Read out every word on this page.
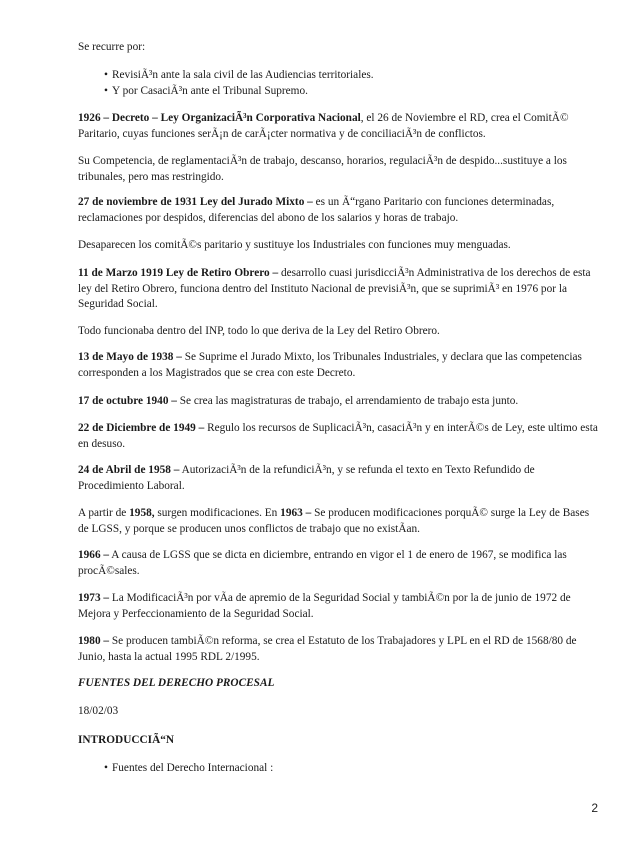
Se recurre por:

• RevisiÃ³n ante la sala civil de las Audiencias territoriales.
• Y por CasaciÃ³n ante el Tribunal Supremo.

1926 – Decreto – Ley OrganizaciÃ³n Corporativa Nacional, el 26 de Noviembre el RD, crea el ComitÃ© Paritario, cuyas funciones serÃ¡n de carÃ¡cter normativa y de conciliaciÃ³n de conflictos.

Su Competencia, de reglamentaciÃ³n de trabajo, descanso, horarios, regulaciÃ³n de despido...sustituye a los tribunales, pero mas restringido.

27 de noviembre de 1931 Ley del Jurado Mixto – es un Ã“rgano Paritario con funciones determinadas, reclamaciones por despidos, diferencias del abono de los salarios y horas de trabajo.

Desaparecen los comitÃ©s paritario y sustituye los Industriales con funciones muy menguadas.

11 de Marzo 1919 Ley de Retiro Obrero – desarrollo cuasi jurisdicciÃ³n Administrativa de los derechos de esta ley del Retiro Obrero, funciona dentro del Instituto Nacional de previsiÃ³n, que se suprimiÃ³ en 1976 por la Seguridad Social.

Todo funcionaba dentro del INP, todo lo que deriva de la Ley del Retiro Obrero.

13 de Mayo de 1938 – Se Suprime el Jurado Mixto, los Tribunales Industriales, y declara que las competencias corresponden a los Magistrados que se crea con este Decreto.

17 de octubre 1940 – Se crea las magistraturas de trabajo, el arrendamiento de trabajo esta junto.

22 de Diciembre de 1949 – Regulo los recursos de SuplicaciÃ³n, casaciÃ³n y en interÃ©s de Ley, este ultimo esta en desuso.

24 de Abril de 1958 – AutorizaciÃ³n de la refundiciÃ³n, y se refunda el texto en Texto Refundido de Procedimiento Laboral.

A partir de 1958, surgen modificaciones. En 1963 – Se producen modificaciones porquÃ© surge la Ley de Bases de LGSS, y porque se producen unos conflictos de trabajo que no existÃan.

1966 – A causa de LGSS que se dicta en diciembre, entrando en vigor el 1 de enero de 1967, se modifica las procÃ©sales.

1973 – La ModificaciÃ³n por vÃa de apremio de la Seguridad Social y tambiÃ©n por la de junio de 1972 de Mejora y Perfeccionamiento de la Seguridad Social.

1980 – Se producen tambiÃ©n reforma, se crea el Estatuto de los Trabajadores y LPL en el RD de 1568/80 de Junio, hasta la actual 1995 RDL 2/1995.

FUENTES DEL DERECHO PROCESAL

18/02/03

INTRODUCCIÃ“N

• Fuentes del Derecho Internacional :
2
